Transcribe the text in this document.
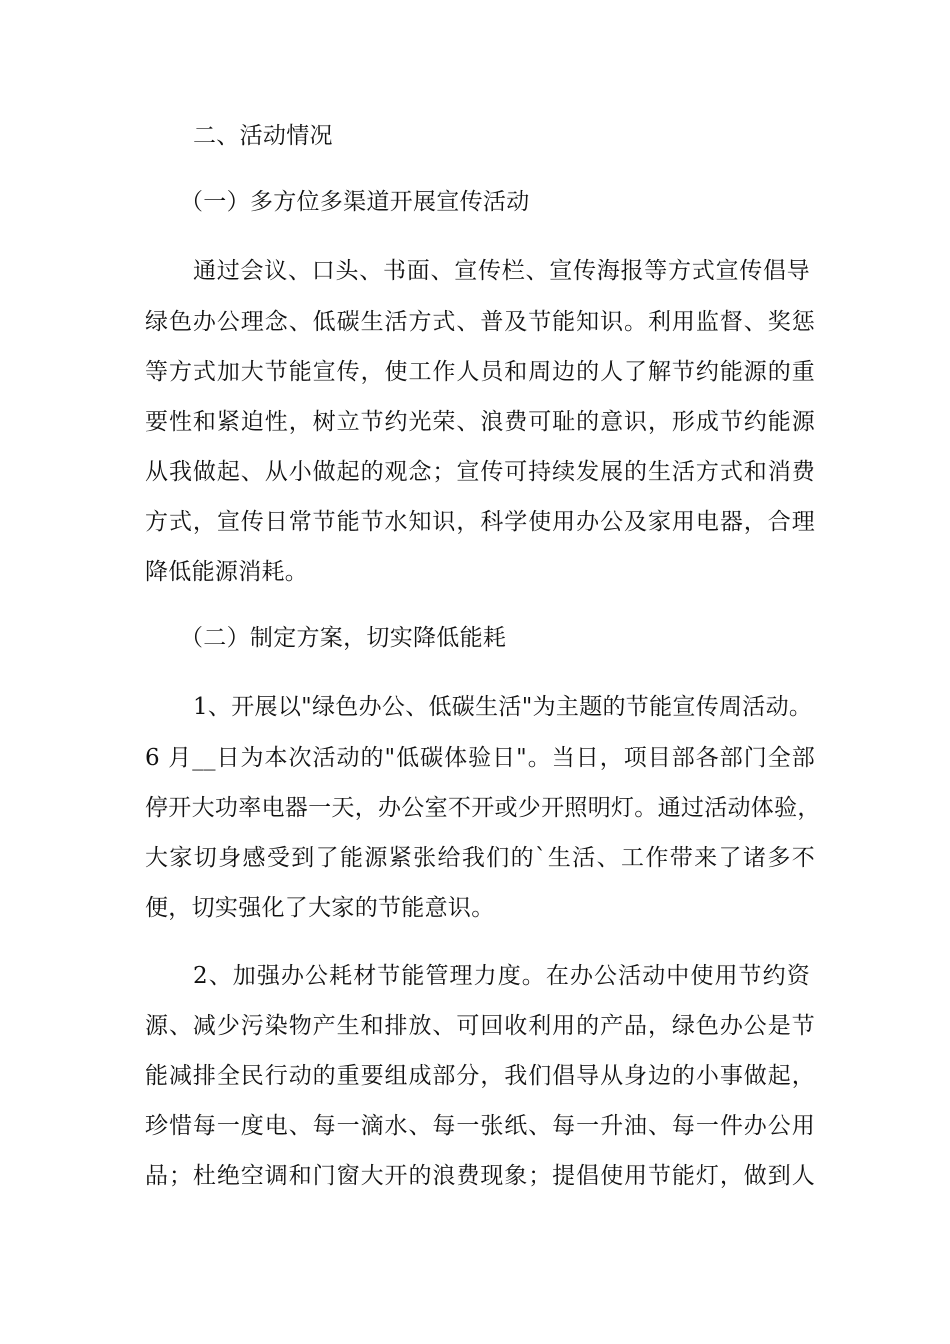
二、活动情况
（一）多方位多渠道开展宣传活动
通过会议、口头、书面、宣传栏、宣传海报等方式宣传倡导
绿色办公理念、低碳生活方式、普及节能知识。利用监督、奖惩
等方式加大节能宣传，使工作人员和周边的人了解节约能源的重
要性和紧迫性，树立节约光荣、浪费可耻的意识，形成节约能源
从我做起、从小做起的观念；宣传可持续发展的生活方式和消费
方式，宣传日常节能节水知识，科学使用办公及家用电器，合理
降低能源消耗。
（二）制定方案，切实降低能耗
1、开展以"绿色办公、低碳生活"为主题的节能宣传周活动。
6 月__日为本次活动的"低碳体验日"。当日，项目部各部门全部
停开大功率电器一天，办公室不开或少开照明灯。通过活动体验，
大家切身感受到了能源紧张给我们的`生活、工作带来了诸多不
便，切实强化了大家的节能意识。
2、加强办公耗材节能管理力度。在办公活动中使用节约资
源、减少污染物产生和排放、可回收利用的产品，绿色办公是节
能减排全民行动的重要组成部分，我们倡导从身边的小事做起，
珍惜每一度电、每一滴水、每一张纸、每一升油、每一件办公用
品；杜绝空调和门窗大开的浪费现象；提倡使用节能灯，做到人
